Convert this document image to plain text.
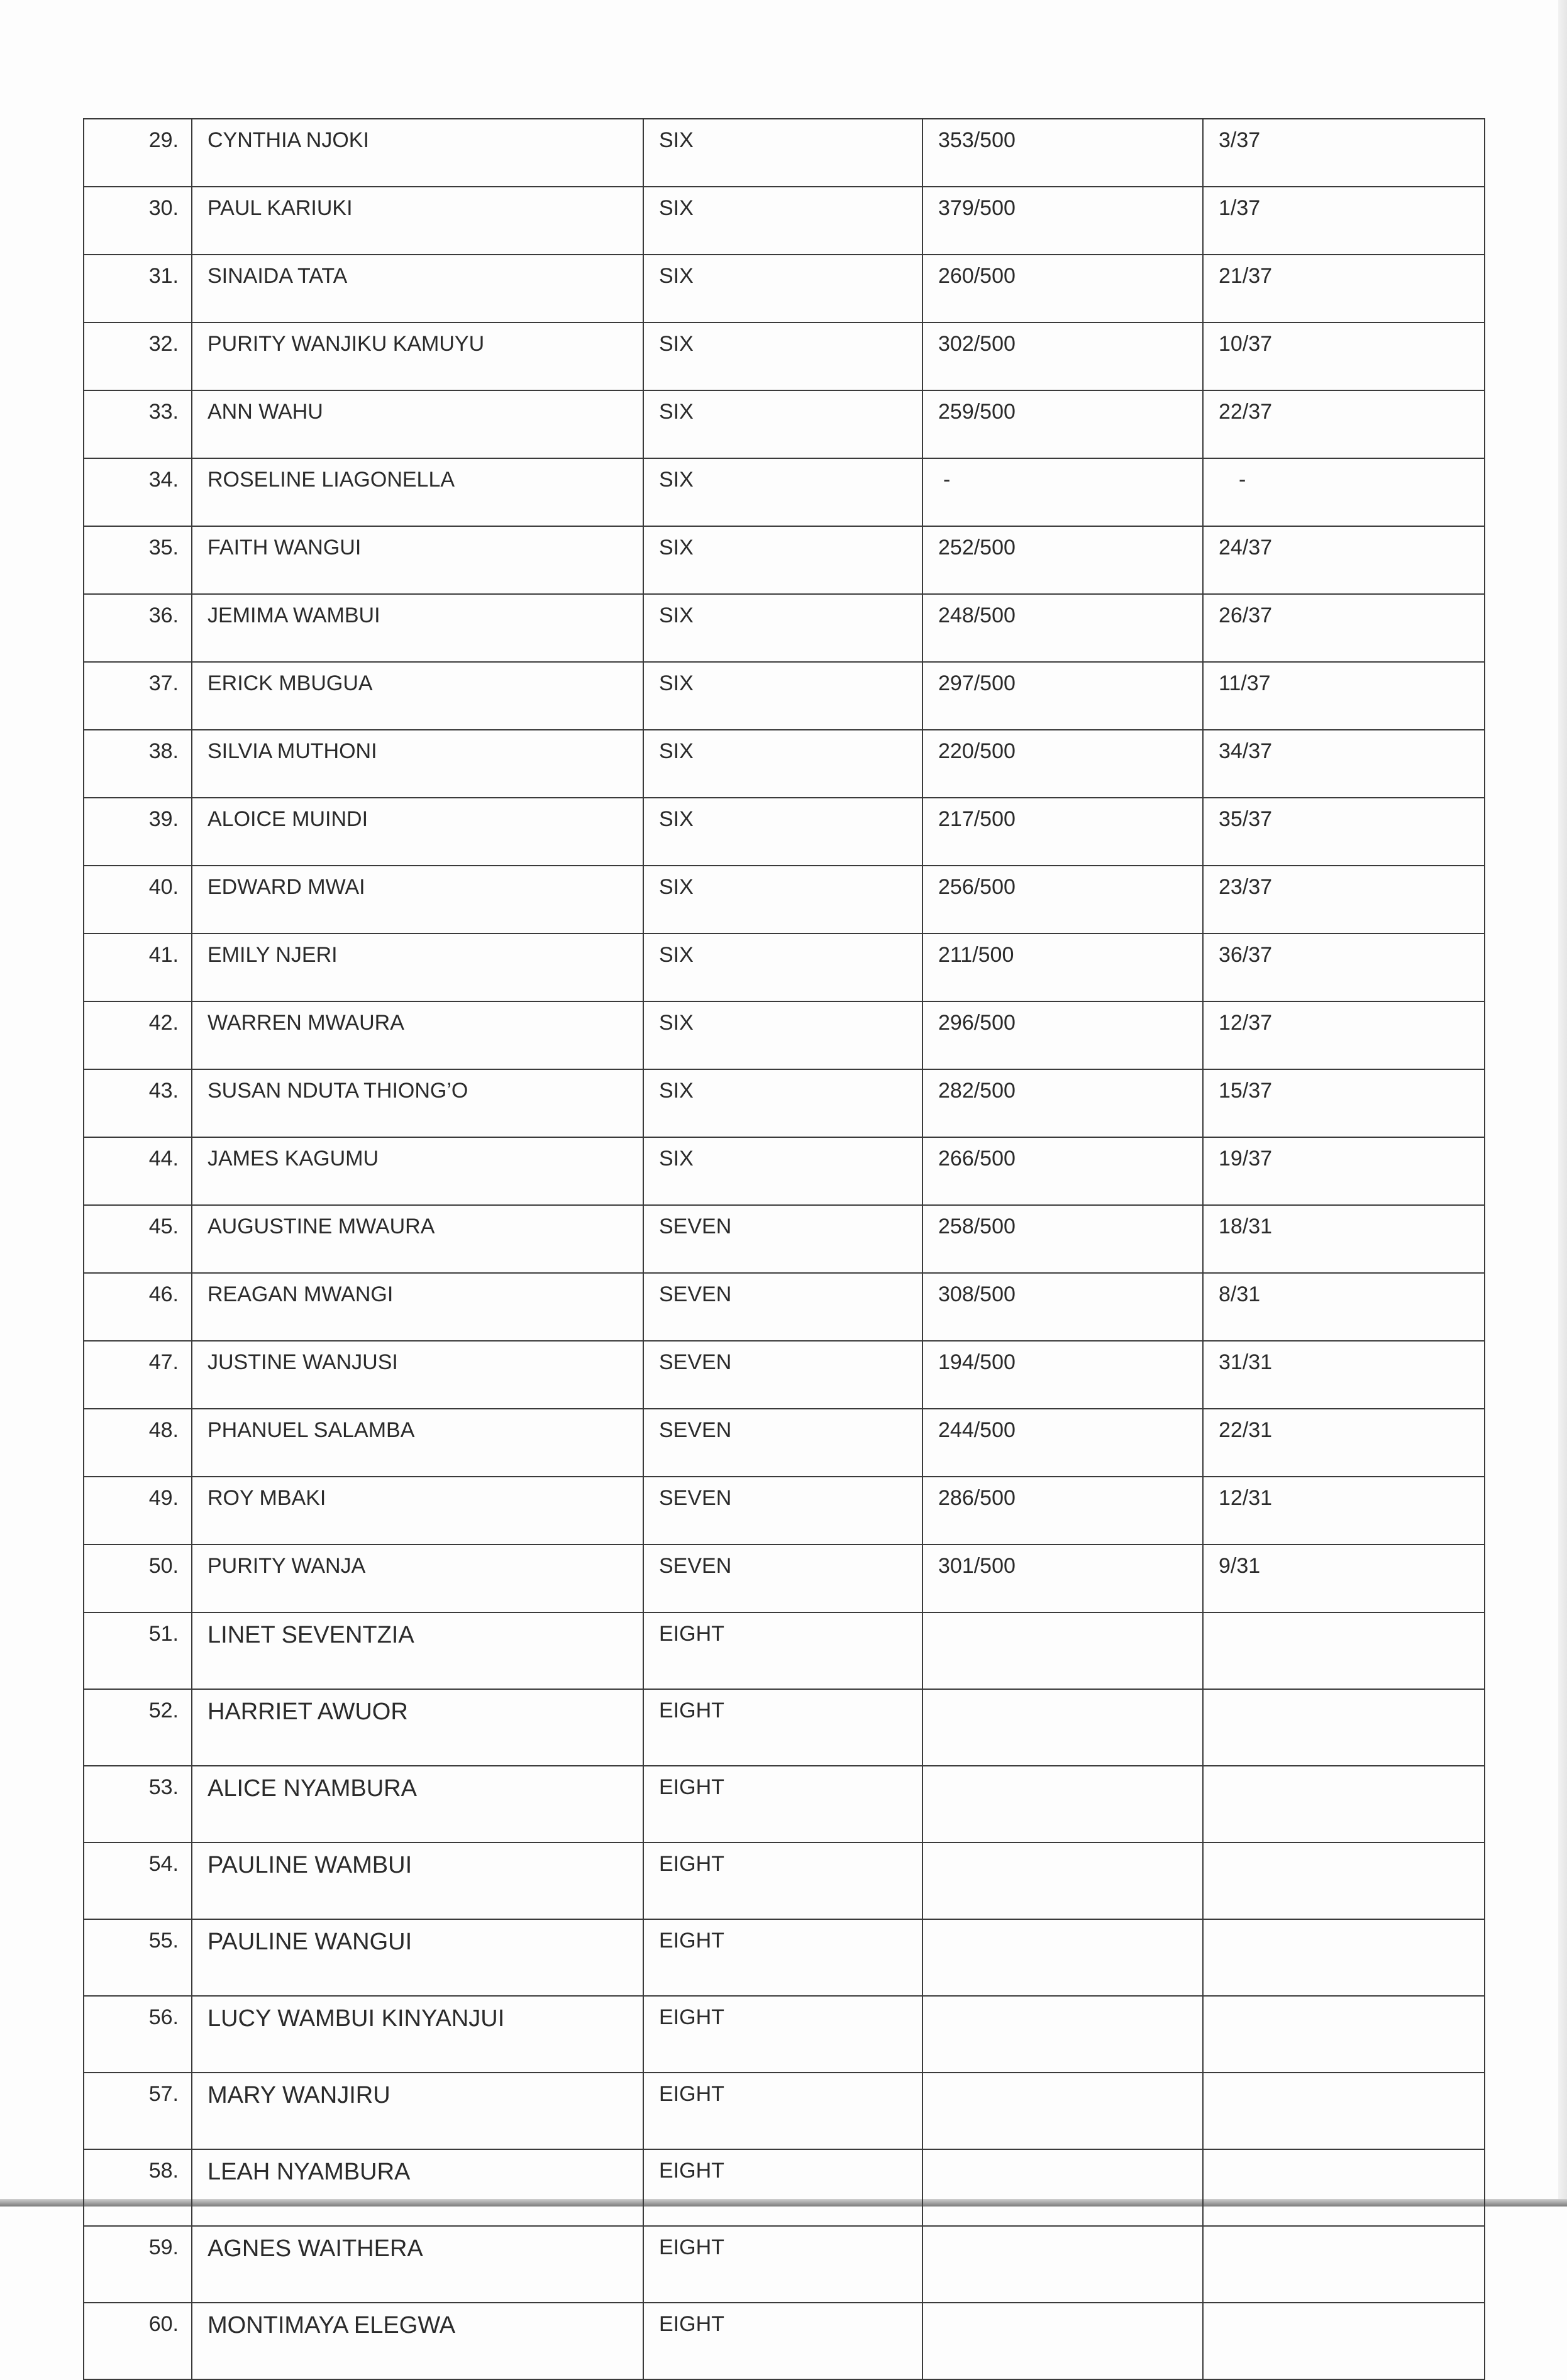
29.	CYNTHIA NJOKI	SIX	353/500	3/37
30.	PAUL KARIUKI	SIX	379/500	1/37
31.	SINAIDA TATA	SIX	260/500	21/37
32.	PURITY WANJIKU KAMUYU	SIX	302/500	10/37
33.	ANN WAHU	SIX	259/500	22/37
34.	ROSELINE LIAGONELLA	SIX	-	-
35.	FAITH WANGUI	SIX	252/500	24/37
36.	JEMIMA WAMBUI	SIX	248/500	26/37
37.	ERICK MBUGUA	SIX	297/500	11/37
38.	SILVIA MUTHONI	SIX	220/500	34/37
39.	ALOICE MUINDI	SIX	217/500	35/37
40.	EDWARD MWAI	SIX	256/500	23/37
41.	EMILY NJERI	SIX	211/500	36/37
42.	WARREN MWAURA	SIX	296/500	12/37
43.	SUSAN NDUTA THIONG’O	SIX	282/500	15/37
44.	JAMES KAGUMU	SIX	266/500	19/37
45.	AUGUSTINE MWAURA	SEVEN	258/500	18/31
46.	REAGAN MWANGI	SEVEN	308/500	8/31
47.	JUSTINE WANJUSI	SEVEN	194/500	31/31
48.	PHANUEL SALAMBA	SEVEN	244/500	22/31
49.	ROY MBAKI	SEVEN	286/500	12/31
50.	PURITY WANJA	SEVEN	301/500	9/31
51.	LINET SEVENTZIA	EIGHT		
52.	HARRIET AWUOR	EIGHT		
53.	ALICE NYAMBURA	EIGHT		
54.	PAULINE WAMBUI	EIGHT		
55.	PAULINE WANGUI	EIGHT		
56.	LUCY WAMBUI KINYANJUI	EIGHT		
57.	MARY WANJIRU	EIGHT		
58.	LEAH NYAMBURA	EIGHT		
59.	AGNES WAITHERA	EIGHT		
60.	MONTIMAYA ELEGWA	EIGHT		
